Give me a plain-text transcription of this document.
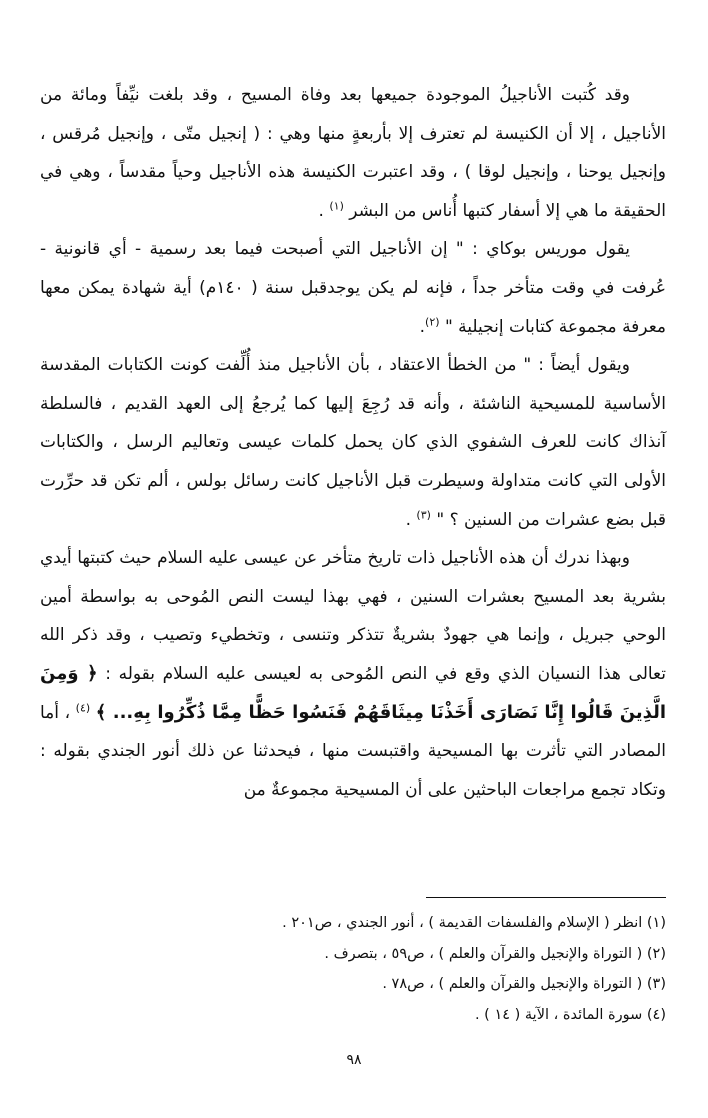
وقد كُتبت الأناجيلُ الموجودة جميعها بعد وفاة المسيح ، وقد بلغت نيِّفاً ومائة من الأناجيل ، إلا أن الكنيسة لم تعترف إلا بأربعةٍ منها وهي : ( إنجيل متّى ، وإنجيل مُرقس ، وإنجيل يوحنا ، وإنجيل لوقا ) ، وقد اعتبرت الكنيسة هذه الأناجيل وحياً مقدساً ، وهي في الحقيقة ما هي إلا أسفار كتبها أُناس من البشر $^{(١)}$ .

يقول موريس بوكاي : " إن الأناجيل التي أصبحت فيما بعد رسمية - أي قانونية - عُرفت في وقت متأخر جداً ، فإنه لم يكن يوجدقبل سنة ( ١٤٠م) أية شهادة يمكن معها معرفة مجموعة كتابات إنجيلية " $^{(٢)}$.

ويقول أيضاً : " من الخطأ الاعتقاد ، بأن الأناجيل منذ أُلِّفت كونت الكتابات المقدسة الأساسية للمسيحية الناشئة ، وأنه قد رُجِعَ إليها كما يُرجعُ إلى العهد القديم ، فالسلطة آنذاك كانت للعرف الشفوي الذي كان يحمل كلمات عيسى وتعاليم الرسل ، والكتابات الأولى التي كانت متداولة وسيطرت قبل الأناجيل كانت رسائل بولس ، ألم تكن قد حرِّرت قبل بضع عشرات من السنين ؟ " $^{(٣)}$ .

وبهذا ندرك أن هذه الأناجيل ذات تاريخ متأخر عن عيسى عليه السلام حيث كتبتها أيدي بشرية بعد المسيح بعشرات السنين ، فهي بهذا ليست النص المُوحى به بواسطة أمين الوحي جبريل ، وإنما هي جهودٌ بشريةٌ تتذكر وتنسى ، وتخطيء وتصيب ، وقد ذكر الله تعالى هذا النسيان الذي وقع في النص المُوحى به لعيسى عليه السلام بقوله : ﴿ وَمِنَ الَّذِينَ قَالُوا إِنَّا نَصَارَى أَخَذْنَا مِيثَاقَهُمْ فَنَسُوا حَظًّا مِمَّا ذُكِّرُوا بِهِ... ﴾ $^{(٤)}$ ، أما المصادر التي تأثرت بها المسيحية واقتبست منها ، فيحدثنا عن ذلك أنور الجندي بقوله : وتكاد تجمع مراجعات الباحثين على أن المسيحية مجموعةٌ من

(١) انظر ( الإسلام والفلسفات القديمة ) ، أنور الجندي ، ص٢٠١ .

(٢) ( التوراة والإنجيل والقرآن والعلم ) ، ص٥٩ ، بتصرف .

(٣) ( التوراة والإنجيل والقرآن والعلم ) ، ص٧٨ .

(٤) سورة المائدة ، الآية ( ١٤ ) .

٩٨
